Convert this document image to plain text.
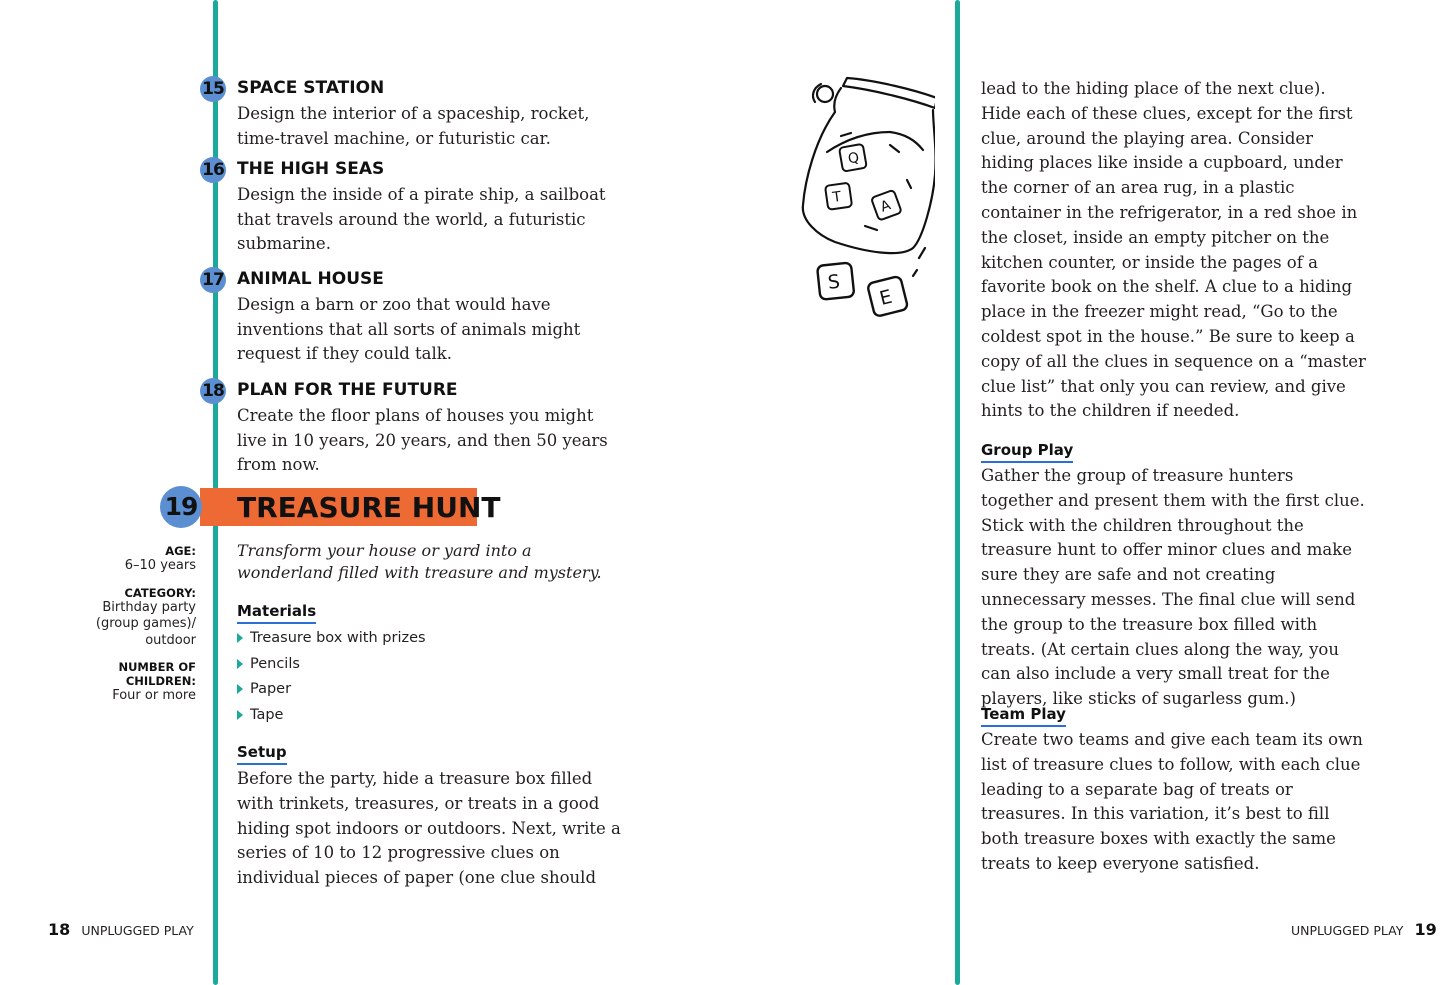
15 SPACE STATION
Design the interior of a spaceship, rocket, time-travel machine, or futuristic car.
16 THE HIGH SEAS
Design the inside of a pirate ship, a sailboat that travels around the world, a futuristic submarine.
17 ANIMAL HOUSE
Design a barn or zoo that would have inventions that all sorts of animals might request if they could talk.
18 PLAN FOR THE FUTURE
Create the floor plans of houses you might live in 10 years, 20 years, and then 50 years from now.
19 TREASURE HUNT
AGE:
6–10 years
CATEGORY:
Birthday party (group games)/ outdoor
NUMBER OF CHILDREN:
Four or more
Transform your house or yard into a wonderland filled with treasure and mystery.
Materials
Treasure box with prizes
Pencils
Paper
Tape
Setup
Before the party, hide a treasure box filled with trinkets, treasures, or treats in a good hiding spot indoors or outdoors. Next, write a series of 10 to 12 progressive clues on individual pieces of paper (one clue should
18 UNPLUGGED PLAY
Q
T	A
S
E
lead to the hiding place of the next clue). Hide each of these clues, except for the first clue, around the playing area. Consider hiding places like inside a cupboard, under the corner of an area rug, in a plastic container in the refrigerator, in a red shoe in the closet, inside an empty pitcher on the kitchen counter, or inside the pages of a favorite book on the shelf. A clue to a hiding place in the freezer might read, “Go to the coldest spot in the house.” Be sure to keep a copy of all the clues in sequence on a “master clue list” that only you can review, and give hints to the children if needed.
Group Play
Gather the group of treasure hunters together and present them with the first clue. Stick with the children throughout the treasure hunt to offer minor clues and make sure they are safe and not creating unnecessary messes. The final clue will send the group to the treasure box filled with treats. (At certain clues along the way, you can also include a very small treat for the players, like sticks of sugarless gum.)
Team Play
Create two teams and give each team its own list of treasure clues to follow, with each clue leading to a separate bag of treats or treasures. In this variation, it’s best to fill both treasure boxes with exactly the same treats to keep everyone satisfied.
UNPLUGGED PLAY 19
